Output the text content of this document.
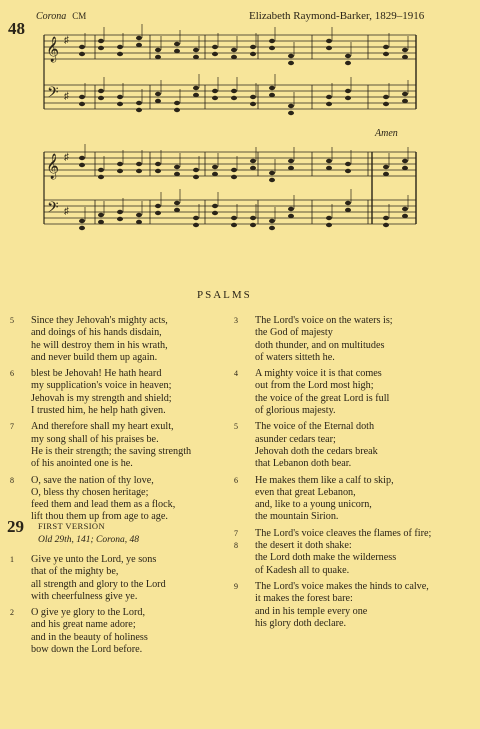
48
Corona CM	Elizabeth Raymond-Barker, 1829–1916
Amen
𝄞
𝄢
♯
♯
𝄞
𝄢
♯
♯
PSALMS
5 Since they Jehovah's mighty acts,
and doings of his hands disdain,
he will destroy them in his wrath,
and never build them up again.
6 blest be Jehovah! He hath heard
my supplication's voice in heaven;
Jehovah is my strength and shield;
I trusted him, he help hath given.
7 And therefore shall my heart exult,
my song shall of his praises be.
He is their strength; the saving strength
of his anointed one is he.
8 O, save the nation of thy love,
O, bless thy chosen heritage;
feed them and lead them as a flock,
lift thou them up from age to age.
29 FIRST VERSION
Old 29th, 141; Corona, 48
1 Give ye unto the Lord, ye sons
that of the mighty be,
all strength and glory to the Lord
with cheerfulness give ye.
2 O give ye glory to the Lord,
and his great name adore;
and in the beauty of holiness
bow down the Lord before.
3 The Lord's voice on the waters is;
the God of majesty
doth thunder, and on multitudes
of waters sitteth he.
4 A mighty voice it is that comes
out from the Lord most high;
the voice of the great Lord is full
of glorious majesty.
5 The voice of the Eternal doth
asunder cedars tear;
Jehovah doth the cedars break
that Lebanon doth bear.
6 He makes them like a calf to skip,
even that great Lebanon,
and, like to a young unicorn,
the mountain Sirion.
7 The Lord's voice cleaves the flames of fire;
8 the desert it doth shake:
the Lord doth make the wilderness
of Kadesh all to quake.
9 The Lord's voice makes the hinds to calve,
it makes the forest bare:
and in his temple every one
his glory doth declare.
